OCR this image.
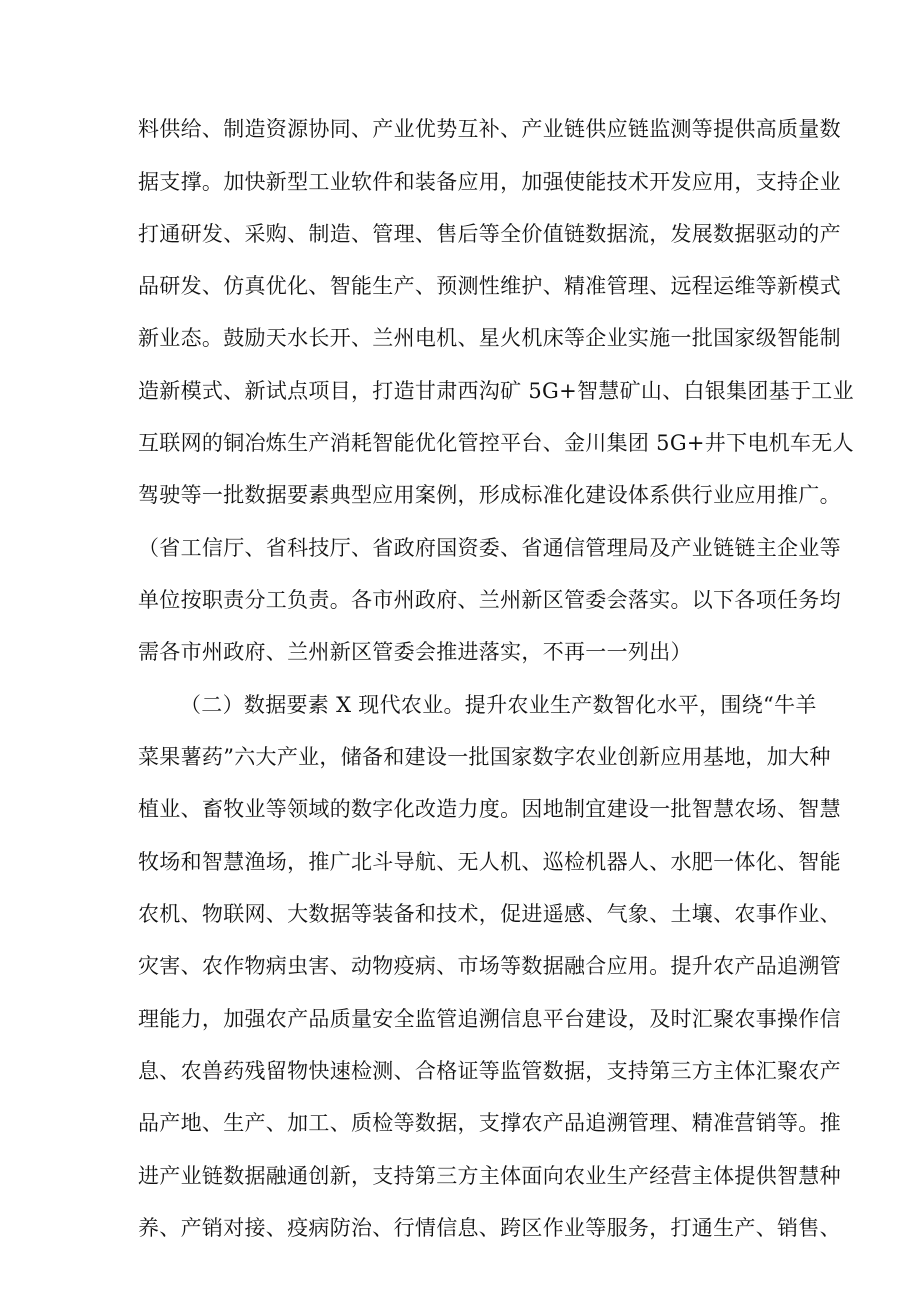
料供给、制造资源协同、产业优势互补、产业链供应链监测等提供高质量数
据支撑。加快新型工业软件和装备应用，加强使能技术开发应用，支持企业
打通研发、采购、制造、管理、售后等全价值链数据流，发展数据驱动的产
品研发、仿真优化、智能生产、预测性维护、精准管理、远程运维等新模式
新业态。鼓励天水长开、兰州电机、星火机床等企业实施一批国家级智能制
造新模式、新试点项目，打造甘肃西沟矿 5G+智慧矿山、白银集团基于工业
互联网的铜冶炼生产消耗智能优化管控平台、金川集团 5G+井下电机车无人
驾驶等一批数据要素典型应用案例，形成标准化建设体系供行业应用推广。
（省工信厅、省科技厅、省政府国资委、省通信管理局及产业链链主企业等
单位按职责分工负责。各市州政府、兰州新区管委会落实。以下各项任务均
需各市州政府、兰州新区管委会推进落实，不再一一列出）
（二）数据要素 X 现代农业。提升农业生产数智化水平，围绕“牛羊
菜果薯药”六大产业，储备和建设一批国家数字农业创新应用基地，加大种
植业、畜牧业等领域的数字化改造力度。因地制宜建设一批智慧农场、智慧
牧场和智慧渔场，推广北斗导航、无人机、巡检机器人、水肥一体化、智能
农机、物联网、大数据等装备和技术，促进遥感、气象、土壤、农事作业、
灾害、农作物病虫害、动物疫病、市场等数据融合应用。提升农产品追溯管
理能力，加强农产品质量安全监管追溯信息平台建设，及时汇聚农事操作信
息、农兽药残留物快速检测、合格证等监管数据，支持第三方主体汇聚农产
品产地、生产、加工、质检等数据，支撑农产品追溯管理、精准营销等。推
进产业链数据融通创新，支持第三方主体面向农业生产经营主体提供智慧种
养、产销对接、疫病防治、行情信息、跨区作业等服务，打通生产、销售、
